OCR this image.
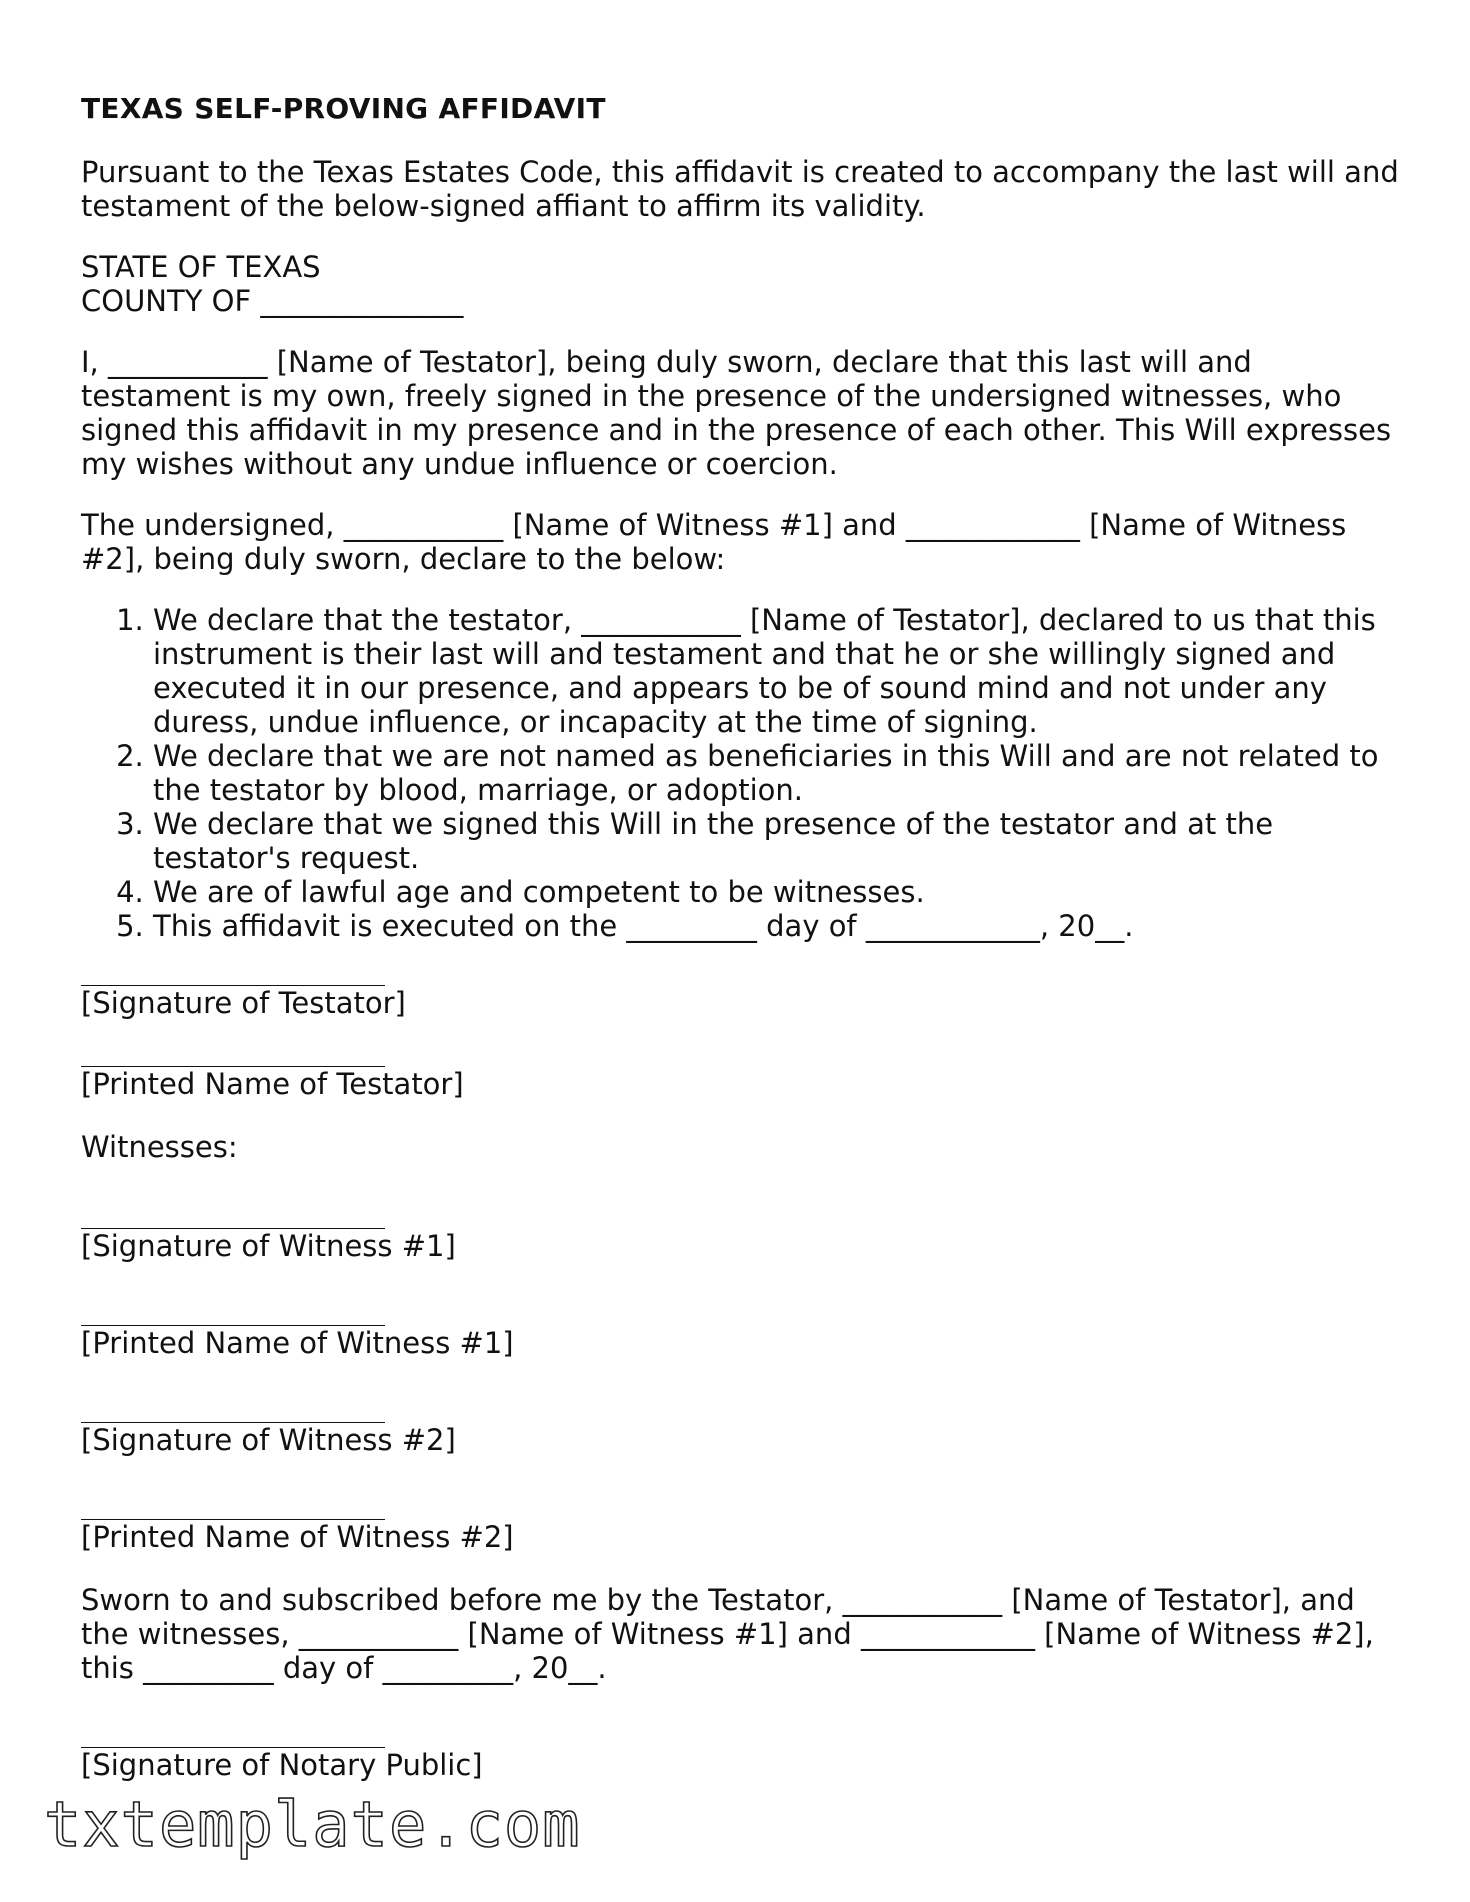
TEXAS SELF-PROVING AFFIDAVIT

Pursuant to the Texas Estates Code, this affidavit is created to accompany the last will and testament of the below-signed affiant to affirm its validity.

STATE OF TEXAS
COUNTY OF ______________

I, ___________ [Name of Testator], being duly sworn, declare that this last will and testament is my own, freely signed in the presence of the undersigned witnesses, who signed this affidavit in my presence and in the presence of each other. This Will expresses my wishes without any undue influence or coercion.

The undersigned, ___________ [Name of Witness #1] and ____________ [Name of Witness #2], being duly sworn, declare to the below:

1. We declare that the testator, ___________ [Name of Testator], declared to us that this instrument is their last will and testament and that he or she willingly signed and executed it in our presence, and appears to be of sound mind and not under any duress, undue influence, or incapacity at the time of signing.
2. We declare that we are not named as beneficiaries in this Will and are not related to the testator by blood, marriage, or adoption.
3. We declare that we signed this Will in the presence of the testator and at the testator's request.
4. We are of lawful age and competent to be witnesses.
5. This affidavit is executed on the _________ day of ____________, 20__.
[Signature of Testator]
[Printed Name of Testator]

Witnesses:

[Signature of Witness #1]
[Printed Name of Witness #1]
[Signature of Witness #2]
[Printed Name of Witness #2]

Sworn to and subscribed before me by the Testator, ___________ [Name of Testator], and the witnesses, ___________ [Name of Witness #1] and ____________ [Name of Witness #2], this _________ day of _________, 20__.

[Signature of Notary Public]
txtemplate.com
